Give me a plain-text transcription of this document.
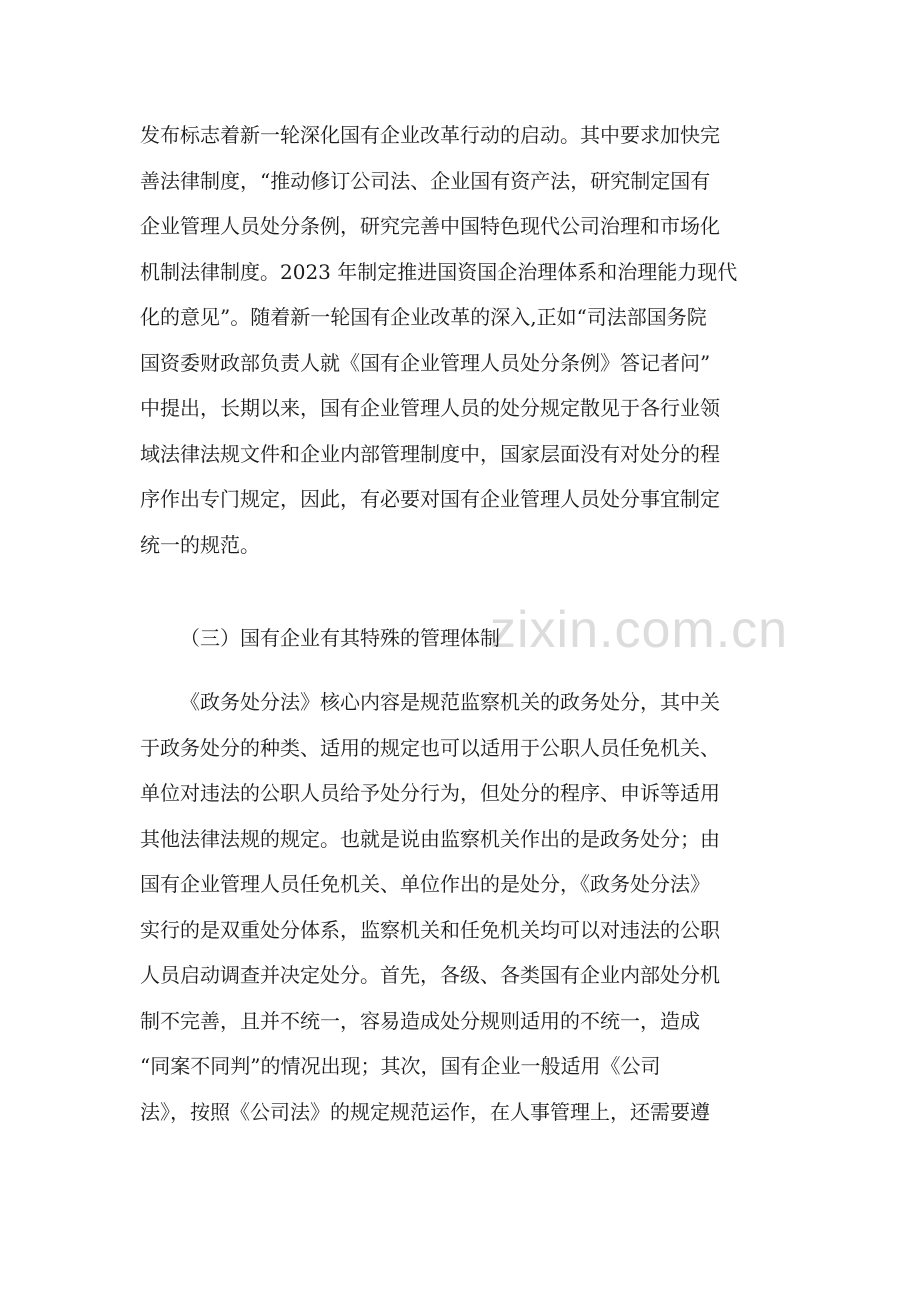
zixin.com.cn
发布标志着新一轮深化国有企业改革行动的启动。其中要求加快完
善法律制度，“推动修订公司法、企业国有资产法，研究制定国有
企业管理人员处分条例，研究完善中国特色现代公司治理和市场化
机制法律制度。2023 年制定推进国资国企治理体系和治理能力现代
化的意见”。随着新一轮国有企业改革的深入,正如“司法部国务院
国资委财政部负责人就《国有企业管理人员处分条例》答记者问”
中提出，长期以来，国有企业管理人员的处分规定散见于各行业领
域法律法规文件和企业内部管理制度中，国家层面没有对处分的程
序作出专门规定，因此，有必要对国有企业管理人员处分事宜制定
统一的规范。
（三）国有企业有其特殊的管理体制
《政务处分法》核心内容是规范监察机关的政务处分，其中关
于政务处分的种类、适用的规定也可以适用于公职人员任免机关、
单位对违法的公职人员给予处分行为，但处分的程序、申诉等适用
其他法律法规的规定。也就是说由监察机关作出的是政务处分；由
国有企业管理人员任免机关、单位作出的是处分，《政务处分法》
实行的是双重处分体系，监察机关和任免机关均可以对违法的公职
人员启动调查并决定处分。首先，各级、各类国有企业内部处分机
制不完善，且并不统一，容易造成处分规则适用的不统一，造成
“同案不同判”的情况出现；其次，国有企业一般适用《公司
法》，按照《公司法》的规定规范运作，在人事管理上，还需要遵
